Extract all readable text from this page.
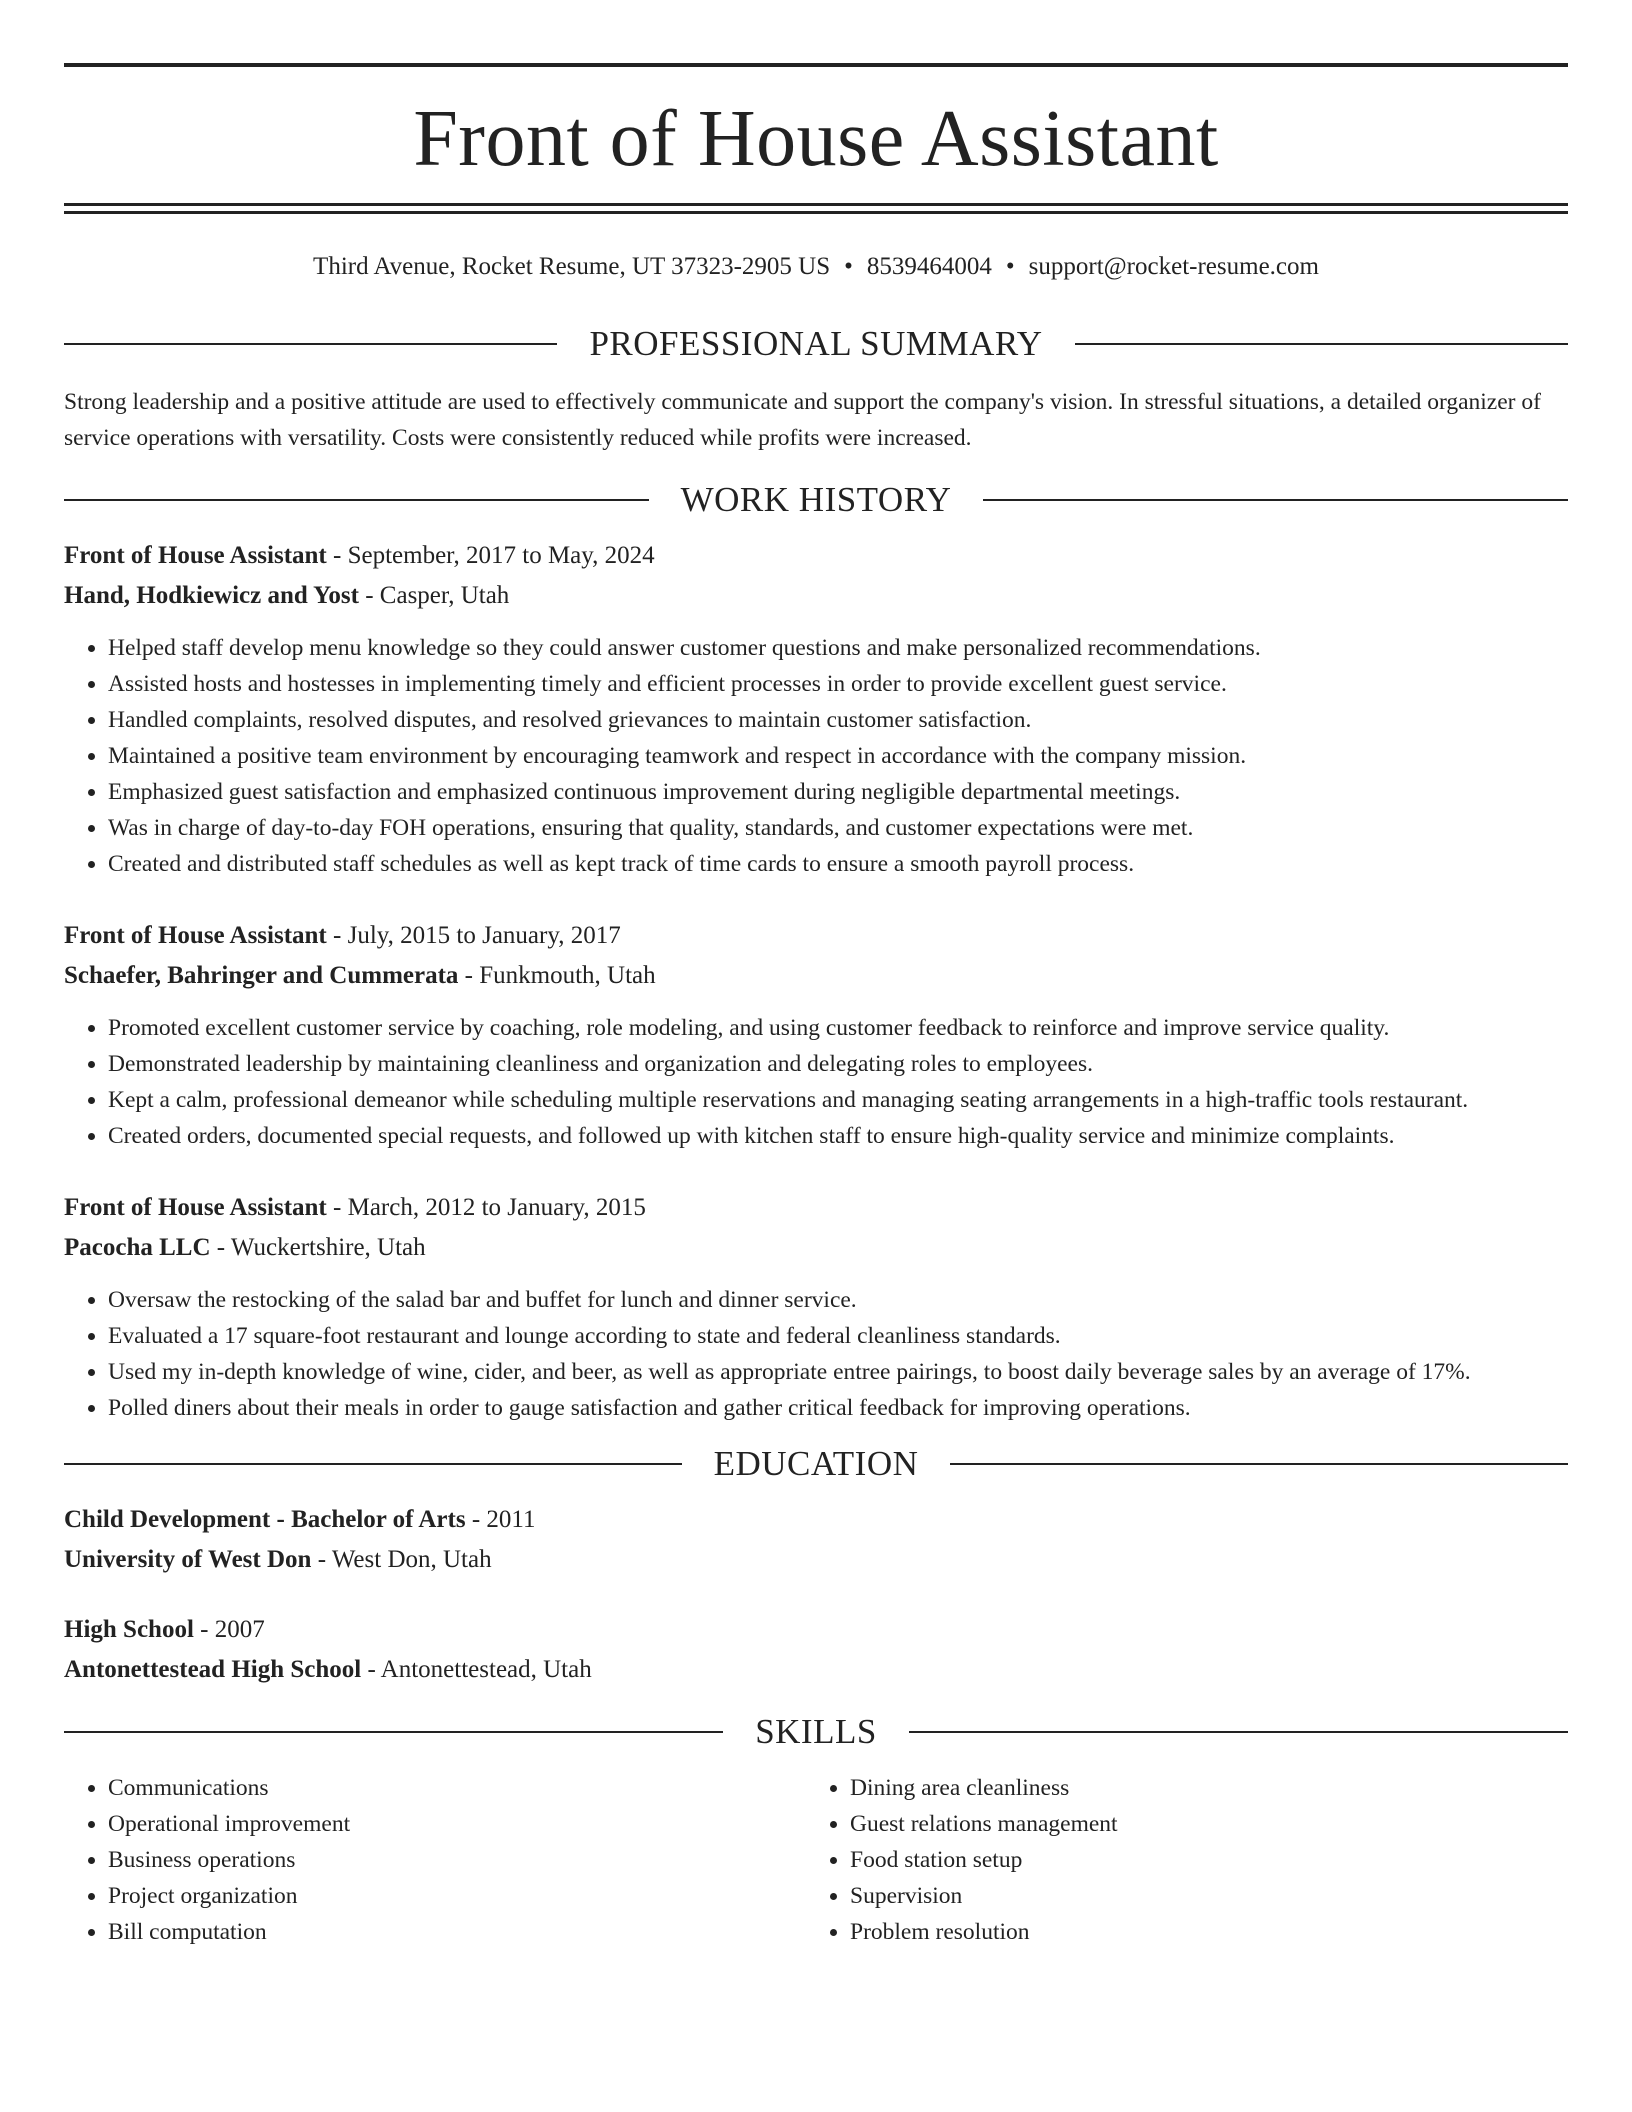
Front of House Assistant
Third Avenue, Rocket Resume, UT 37323-2905 US • 8539464004 • support@rocket-resume.com
PROFESSIONAL SUMMARY
Strong leadership and a positive attitude are used to effectively communicate and support the company's vision. In stressful situations, a detailed organizer of service operations with versatility. Costs were consistently reduced while profits were increased.
WORK HISTORY
Front of House Assistant - September, 2017 to May, 2024
Hand, Hodkiewicz and Yost - Casper, Utah
• Helped staff develop menu knowledge so they could answer customer questions and make personalized recommendations.
• Assisted hosts and hostesses in implementing timely and efficient processes in order to provide excellent guest service.
• Handled complaints, resolved disputes, and resolved grievances to maintain customer satisfaction.
• Maintained a positive team environment by encouraging teamwork and respect in accordance with the company mission.
• Emphasized guest satisfaction and emphasized continuous improvement during negligible departmental meetings.
• Was in charge of day-to-day FOH operations, ensuring that quality, standards, and customer expectations were met.
• Created and distributed staff schedules as well as kept track of time cards to ensure a smooth payroll process.
Front of House Assistant - July, 2015 to January, 2017
Schaefer, Bahringer and Cummerata - Funkmouth, Utah
• Promoted excellent customer service by coaching, role modeling, and using customer feedback to reinforce and improve service quality.
• Demonstrated leadership by maintaining cleanliness and organization and delegating roles to employees.
• Kept a calm, professional demeanor while scheduling multiple reservations and managing seating arrangements in a high-traffic tools restaurant.
• Created orders, documented special requests, and followed up with kitchen staff to ensure high-quality service and minimize complaints.
Front of House Assistant - March, 2012 to January, 2015
Pacocha LLC - Wuckertshire, Utah
• Oversaw the restocking of the salad bar and buffet for lunch and dinner service.
• Evaluated a 17 square-foot restaurant and lounge according to state and federal cleanliness standards.
• Used my in-depth knowledge of wine, cider, and beer, as well as appropriate entree pairings, to boost daily beverage sales by an average of 17%.
• Polled diners about their meals in order to gauge satisfaction and gather critical feedback for improving operations.
EDUCATION
Child Development - Bachelor of Arts - 2011
University of West Don - West Don, Utah
High School - 2007
Antonettestead High School - Antonettestead, Utah
SKILLS
• Communications
• Operational improvement
• Business operations
• Project organization
• Bill computation
• Dining area cleanliness
• Guest relations management
• Food station setup
• Supervision
• Problem resolution
